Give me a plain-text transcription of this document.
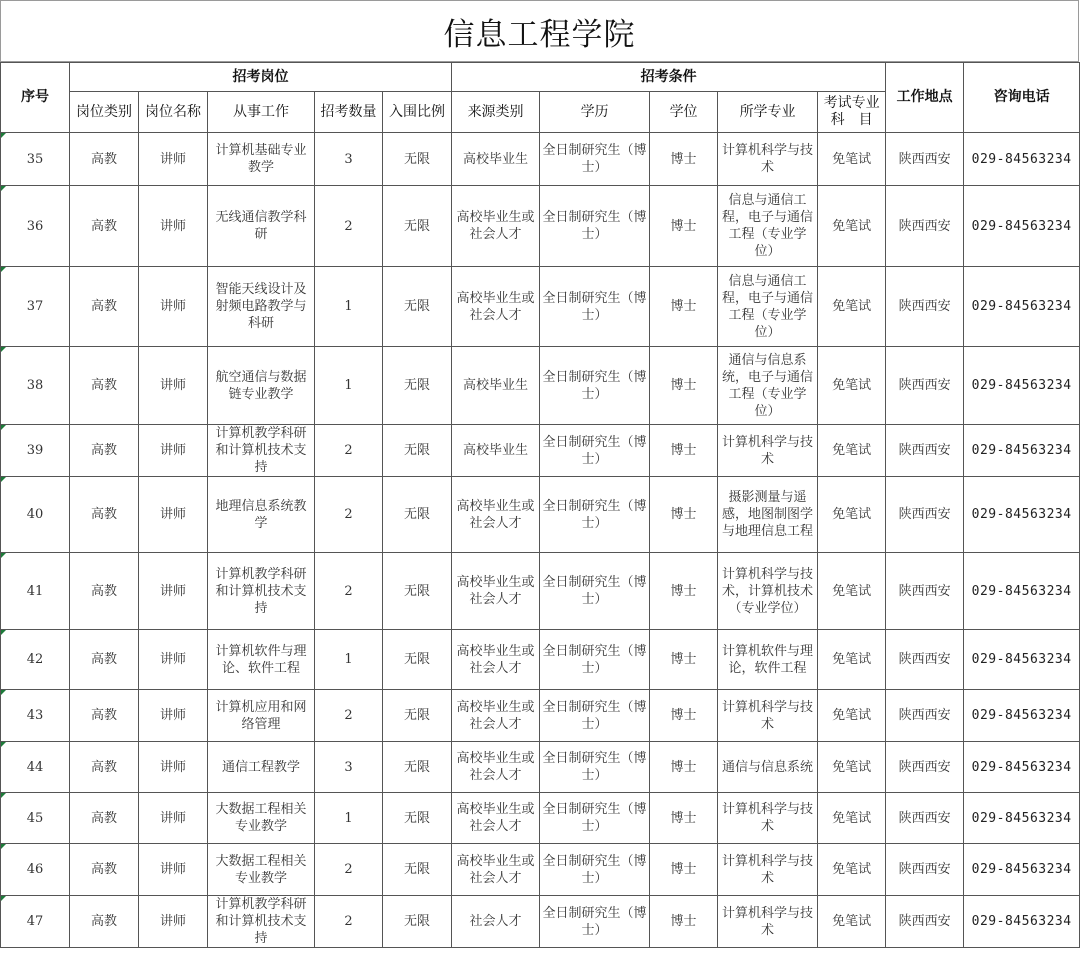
信息工程学院
序号	招考岗位					招考条件					工作地点	咨询电话
	岗位类别	岗位名称	从事工作	招考数量	入围比例	来源类别	学历	学位	所学专业	考试专业科　目		
35	高教	讲师	计算机基础专业教学	3	无限	高校毕业生	全日制研究生（博士）	博士	计算机科学与技术	免笔试	陕西西安	029-84563234
36	高教	讲师	无线通信教学科研	2	无限	高校毕业生或社会人才	全日制研究生（博士）	博士	信息与通信工程，电子与通信工程（专业学位）	免笔试	陕西西安	029-84563234
37	高教	讲师	智能天线设计及射频电路教学与科研	1	无限	高校毕业生或社会人才	全日制研究生（博士）	博士	信息与通信工程，电子与通信工程（专业学位）	免笔试	陕西西安	029-84563234
38	高教	讲师	航空通信与数据链专业教学	1	无限	高校毕业生	全日制研究生（博士）	博士	通信与信息系统，电子与通信工程（专业学位）	免笔试	陕西西安	029-84563234
39	高教	讲师	计算机教学科研和计算机技术支持	2	无限	高校毕业生	全日制研究生（博士）	博士	计算机科学与技术	免笔试	陕西西安	029-84563234
40	高教	讲师	地理信息系统教学	2	无限	高校毕业生或社会人才	全日制研究生（博士）	博士	摄影测量与遥感，地图制图学与地理信息工程	免笔试	陕西西安	029-84563234
41	高教	讲师	计算机教学科研和计算机技术支持	2	无限	高校毕业生或社会人才	全日制研究生（博士）	博士	计算机科学与技术，计算机技术（专业学位）	免笔试	陕西西安	029-84563234
42	高教	讲师	计算机软件与理论、软件工程	1	无限	高校毕业生或社会人才	全日制研究生（博士）	博士	计算机软件与理论，软件工程	免笔试	陕西西安	029-84563234
43	高教	讲师	计算机应用和网络管理	2	无限	高校毕业生或社会人才	全日制研究生（博士）	博士	计算机科学与技术	免笔试	陕西西安	029-84563234
44	高教	讲师	通信工程教学	3	无限	高校毕业生或社会人才	全日制研究生（博士）	博士	通信与信息系统	免笔试	陕西西安	029-84563234
45	高教	讲师	大数据工程相关专业教学	1	无限	高校毕业生或社会人才	全日制研究生（博士）	博士	计算机科学与技术	免笔试	陕西西安	029-84563234
46	高教	讲师	大数据工程相关专业教学	2	无限	高校毕业生或社会人才	全日制研究生（博士）	博士	计算机科学与技术	免笔试	陕西西安	029-84563234
47	高教	讲师	计算机教学科研和计算机技术支持	2	无限	社会人才	全日制研究生（博士）	博士	计算机科学与技术	免笔试	陕西西安	029-84563234
